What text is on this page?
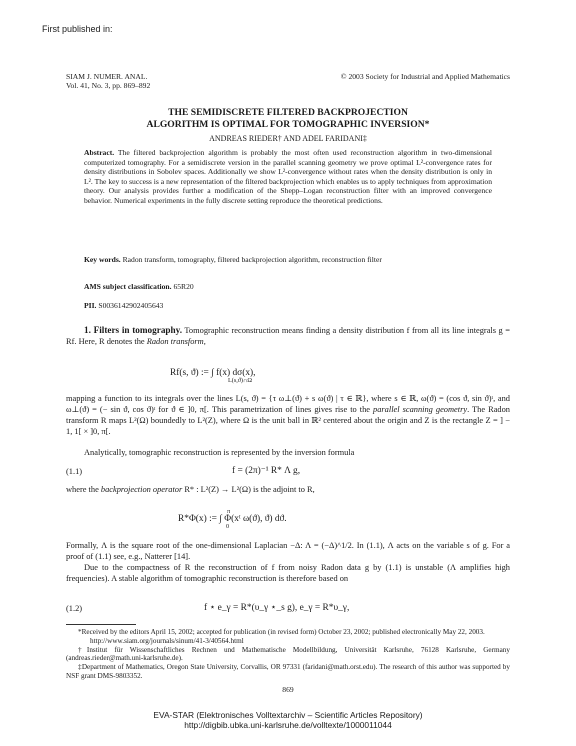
First published in:
SIAM J. NUMER. ANAL.
Vol. 41, No. 3, pp. 869–892
© 2003 Society for Industrial and Applied Mathematics
THE SEMIDISCRETE FILTERED BACKPROJECTION
ALGORITHM IS OPTIMAL FOR TOMOGRAPHIC INVERSION*
ANDREAS RIEDER† AND ADEL FARIDANI‡
Abstract. The filtered backprojection algorithm is probably the most often used reconstruction algorithm in two-dimensional computerized tomography. For a semidiscrete version in the parallel scanning geometry we prove optimal L²-convergence rates for density distributions in Sobolev spaces. Additionally we show L²-convergence without rates when the density distribution is only in L². The key to success is a new representation of the filtered backprojection which enables us to apply techniques from approximation theory. Our analysis provides further a modification of the Shepp–Logan reconstruction filter with an improved convergence behavior. Numerical experiments in the fully discrete setting reproduce the theoretical predictions.
Key words. Radon transform, tomography, filtered backprojection algorithm, reconstruction filter
AMS subject classification. 65R20
PII. S0036142902405643
1. Filters in tomography. Tomographic reconstruction means finding a density distribution f from all its line integrals g = Rf. Here, R denotes the Radon transform,
Rf(s, ϑ) := ∫ f(x) dσ(x),
L(s,ϑ)∩Ω
mapping a function to its integrals over the lines L(s, ϑ) = {τ ω⊥(ϑ) + s ω(ϑ) | τ ∈ ℝ}, where s ∈ ℝ, ω(ϑ) = (cos ϑ, sin ϑ)ᵗ, and ω⊥(ϑ) = (− sin ϑ, cos ϑ)ᵗ for ϑ ∈ ]0, π[. This parametrization of lines gives rise to the parallel scanning geometry. The Radon transform R maps L²(Ω) boundedly to L²(Z), where Ω is the unit ball in ℝ² centered about the origin and Z is the rectangle Z = ] − 1, 1[ × ]0, π[.
Analytically, tomographic reconstruction is represented by the inversion formula
(1.1)	f = (2π)⁻¹ R* Λ g,
where the backprojection operator R* : L²(Z) → L²(Ω) is the adjoint to R,
π
R*Φ(x) := ∫ Φ(xᵗ ω(ϑ), ϑ) dϑ.
0
Formally, Λ is the square root of the one-dimensional Laplacian −Δ: Λ = (−Δ)^1/2. In (1.1), Λ acts on the variable s of g. For a proof of (1.1) see, e.g., Natterer [14].
Due to the compactness of R the reconstruction of f from noisy Radon data g by (1.1) is unstable (Λ amplifies high frequencies). A stable algorithm of tomographic reconstruction is therefore based on
(1.2)	f ⋆ e_γ = R*(υ_γ ⋆_s g), e_γ = R*υ_γ,
*Received by the editors April 15, 2002; accepted for publication (in revised form) October 23, 2002; published electronically May 22, 2003.
http://www.siam.org/journals/sinum/41-3/40564.html
†Institut für Wissenschaftliches Rechnen und Mathematische Modellbildung, Universität Karlsruhe, 76128 Karlsruhe, Germany (andreas.rieder@math.uni-karlsruhe.de).
‡Department of Mathematics, Oregon State University, Corvallis, OR 97331 (faridani@math.orst.edu). The research of this author was supported by NSF grant DMS-9803352.
869
EVA-STAR (Elektronisches Volltextarchiv – Scientific Articles Repository)
http://digbib.ubka.uni-karlsruhe.de/volltexte/1000011044
